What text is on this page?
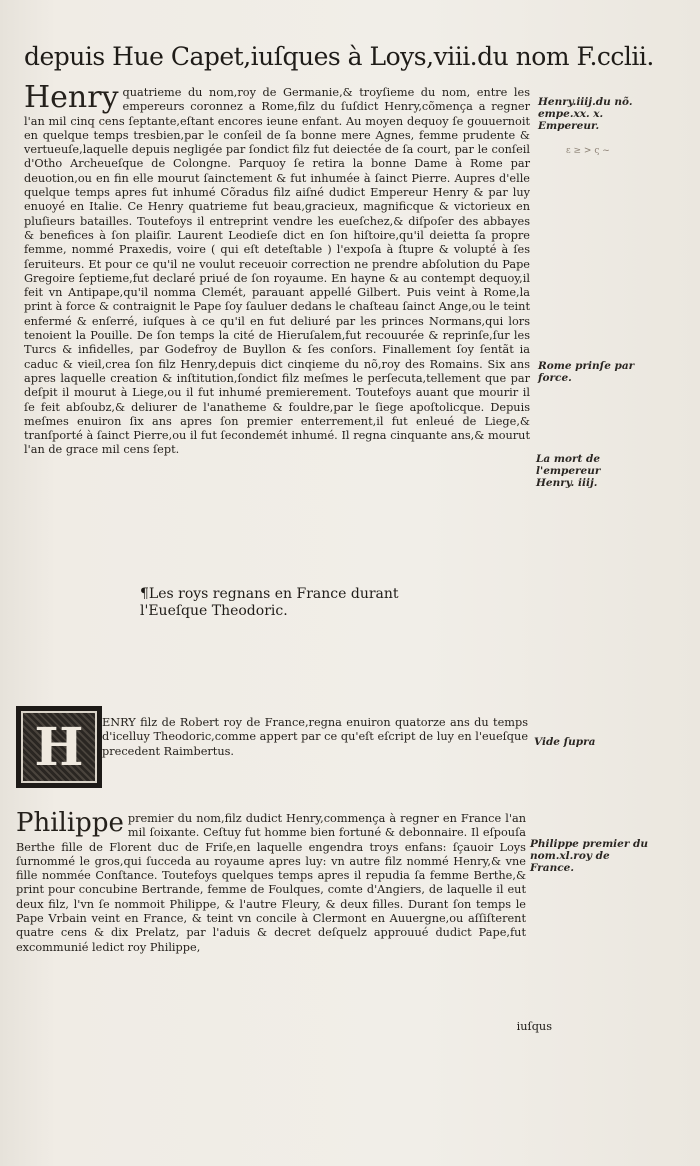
depuis Hue Capet,iuſques à Loys,viii.du nom F.cclii.
Henry quatrieme du nom,roy de Germanie,& troyſieme du nom, entre les empereurs coronnez a Rome,filz du ſuſdict Henry,cõmença a regner l'an mil cinq cens ſeptante,eſtant encores ieune enfant. Au moyen dequoy ſe gouuernoit en quelque temps tresbien,par le conſeil de ſa bonne mere Agnes, femme prudente & vertueuſe,laquelle depuis negligée par ſondict filz fut deiectée de ſa court, par le conſeil d'Otho Archeueſque de Colongne. Parquoy ſe retira la bonne Dame à Rome par deuotion,ou en fin elle mourut ſainctement & fut inhumée à ſainct Pierre. Aupres d'elle quelque temps apres fut inhumé Cõradus filz aiſné dudict Empereur Henry & par luy enuoyé en Italie. Ce Henry quatrieme fut beau,gracieux, magnificque & victorieux en pluſieurs batailles. Toutefoys il entreprint vendre les eueſchez,& diſpoſer des abbayes & benefices à ſon plaiſir. Laurent Leodieſe dict en ſon hiſtoire,qu'il deietta ſa propre femme, nommé Praxedis, voire ( qui eſt deteſtable ) l'expoſa à ſtupre & volupté à ſes ſeruiteurs. Et pour ce qu'il ne voulut receuoir correction ne prendre abſolution du Pape Gregoire ſeptieme,fut declaré priué de ſon royaume. En hayne & au contempt dequoy,il feit vn Antipape,qu'il nomma Clemét, parauant appellé Gilbert. Puis veint à Rome,la print à force & contraignit le Pape ſoy ſauluer dedans le chaſteau ſainct Ange,ou le teint enfermé & enſerré, iuſques à ce qu'il en fut deliuré par les princes Normans,qui lors tenoient la Pouille. De ſon temps la cité de Hieruſalem,fut recouurée & reprinſe,ſur les Turcs & infidelles, par Godefroy de Buyllon & ſes conſors. Finallement ſoy ſentãt ia caduc & vieil,crea ſon filz Henry,depuis dict cinqieme du nõ,roy des Romains. Six ans apres laquelle creation & inſtitution,ſondict filz meſmes le perſecuta,tellement que par deſpit il mourut à Liege,ou il fut inhumé premierement. Toutefoys auant que mourir il ſe feit abſoubz,& deliurer de l'anatheme & fouldre,par le ſiege apoſtolicque. Depuis meſmes enuiron ſix ans apres ſon premier enterrement,il fut enleué de Liege,& tranſporté à ſainct Pierre,ou il fut ſecondemét inhumé. Il regna cinquante ans,& mourut l'an de grace mil cens ſept.
Henry.iiij.du nõ. empe.xx. x. Empereur.
ε ≥ > ς ~
Rome prinſe par force.
La mort de l'empereur Henry. iiij.
¶Les roys regnans en France durant l'Eueſque Theodoric.
H	ENRY filz de Robert roy de France,regna enuiron quatorze ans du temps d'icelluy Theodoric,comme appert par ce qu'eſt eſcript de luy en l'eueſque precedent Raimbertus.
Vide ſupra
Philippe premier du nom,filz dudict Henry,commença à regner en France l'an mil ſoixante. Ceſtuy fut homme bien fortuné & debonnaire. Il eſpouſa Berthe fille de Florent duc de Friſe,en laquelle engendra troys enfans: ſçauoir Loys ſurnommé le gros,qui ſucceda au royaume apres luy: vn autre filz nommé Henry,& vne fille nommée Conſtance. Toutefoys quelques temps apres il repudia ſa femme Berthe,& print pour concubine Bertrande, femme de Foulques, comte d'Angiers, de laquelle il eut deux filz, l'vn ſe nommoit Philippe, & l'autre Fleury, & deux filles. Durant ſon temps le Pape Vrbain veint en France, & teint vn concile à Clermont en Auuergne,ou aſſiſterent quatre cens & dix Prelatz, par l'aduis & decret deſquelz approuué dudict Pape,fut excommunié ledict roy Philippe,
Philippe premier du nom.xl.roy de France.
iuſqus
